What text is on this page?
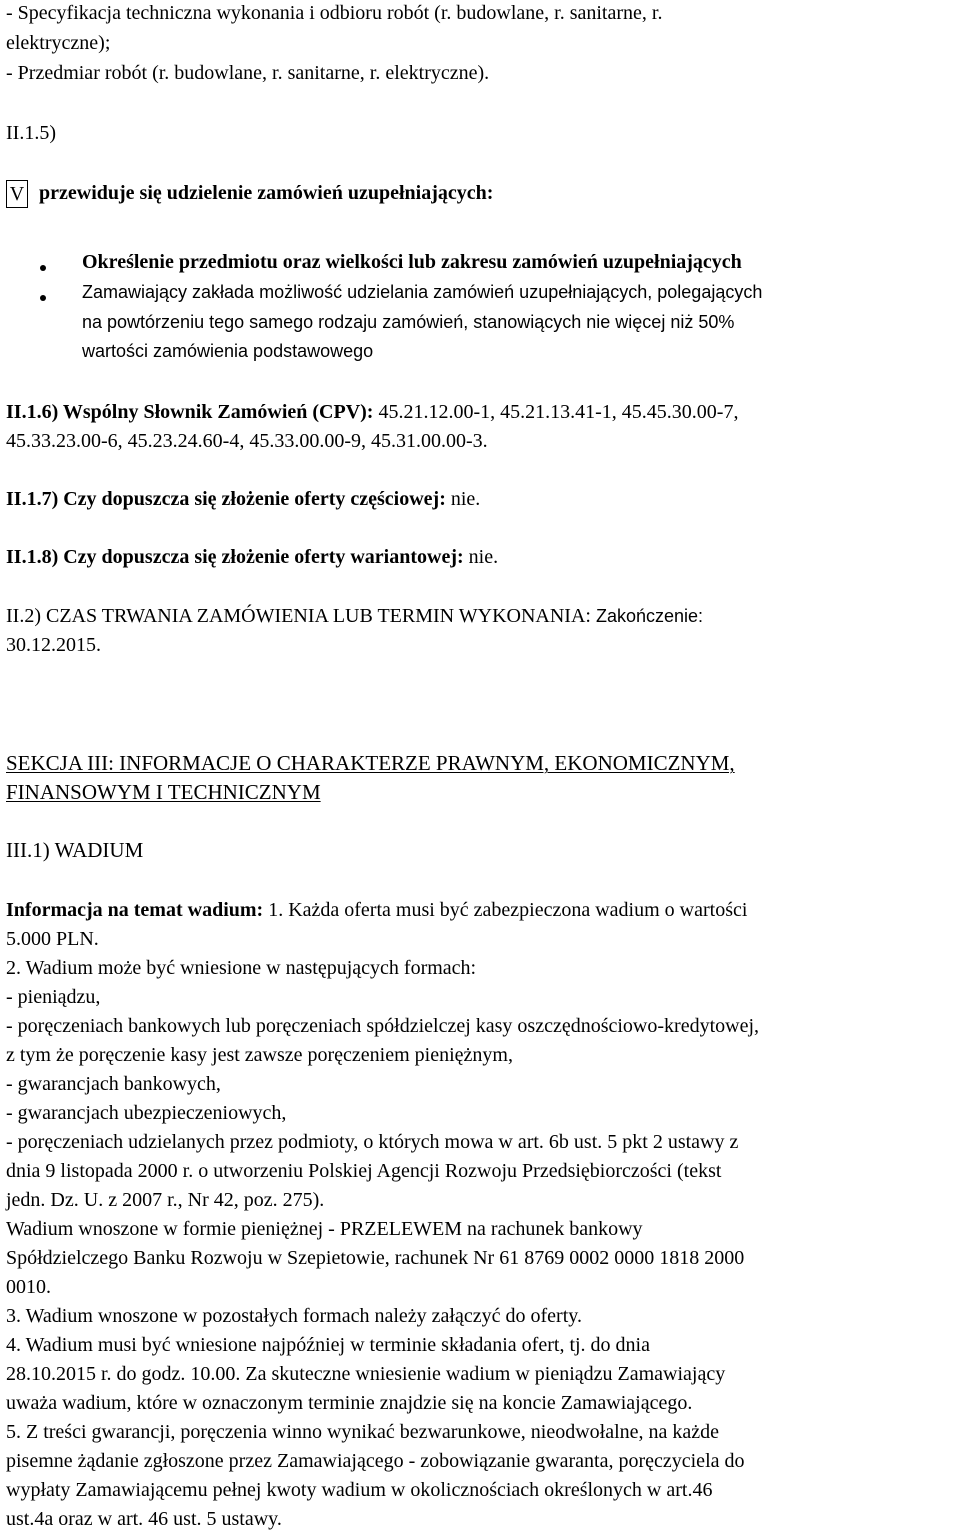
- Specyfikacja techniczna wykonania i odbioru robót (r. budowlane, r. sanitarne, r.
elektryczne);
- Przedmiar robót (r. budowlane, r. sanitarne, r. elektryczne).
II.1.5)
V przewiduje się udzielenie zamówień uzupełniających:
Określenie przedmiotu oraz wielkości lub zakresu zamówień uzupełniających
Zamawiający zakłada możliwość udzielania zamówień uzupełniających, polegających
na powtórzeniu tego samego rodzaju zamówień, stanowiących nie więcej niż 50%
wartości zamówienia podstawowego
II.1.6) Wspólny Słownik Zamówień (CPV): 45.21.12.00-1, 45.21.13.41-1, 45.45.30.00-7,
45.33.23.00-6, 45.23.24.60-4, 45.33.00.00-9, 45.31.00.00-3.
II.1.7) Czy dopuszcza się złożenie oferty częściowej: nie.
II.1.8) Czy dopuszcza się złożenie oferty wariantowej: nie.
II.2) CZAS TRWANIA ZAMÓWIENIA LUB TERMIN WYKONANIA: Zakończenie:
30.12.2015.
SEKCJA III: INFORMACJE O CHARAKTERZE PRAWNYM, EKONOMICZNYM,
FINANSOWYM I TECHNICZNYM
III.1) WADIUM
Informacja na temat wadium: 1. Każda oferta musi być zabezpieczona wadium o wartości
5.000 PLN.
2. Wadium może być wniesione w następujących formach:
- pieniądzu,
- poręczeniach bankowych lub poręczeniach spółdzielczej kasy oszczędnościowo-kredytowej,
z tym że poręczenie kasy jest zawsze poręczeniem pieniężnym,
- gwarancjach bankowych,
- gwarancjach ubezpieczeniowych,
- poręczeniach udzielanych przez podmioty, o których mowa w art. 6b ust. 5 pkt 2 ustawy z
dnia 9 listopada 2000 r. o utworzeniu Polskiej Agencji Rozwoju Przedsiębiorczości (tekst
jedn. Dz. U. z 2007 r., Nr 42, poz. 275).
Wadium wnoszone w formie pieniężnej - PRZELEWEM na rachunek bankowy
Spółdzielczego Banku Rozwoju w Szepietowie, rachunek Nr 61 8769 0002 0000 1818 2000
0010.
3. Wadium wnoszone w pozostałych formach należy załączyć do oferty.
4. Wadium musi być wniesione najpóźniej w terminie składania ofert, tj. do dnia
28.10.2015 r. do godz. 10.00. Za skuteczne wniesienie wadium w pieniądzu Zamawiający
uważa wadium, które w oznaczonym terminie znajdzie się na koncie Zamawiającego.
5. Z treści gwarancji, poręczenia winno wynikać bezwarunkowe, nieodwołalne, na każde
pisemne żądanie zgłoszone przez Zamawiającego - zobowiązanie gwaranta, poręczyciela do
wypłaty Zamawiającemu pełnej kwoty wadium w okolicznościach określonych w art.46
ust.4a oraz w art. 46 ust. 5 ustawy.
